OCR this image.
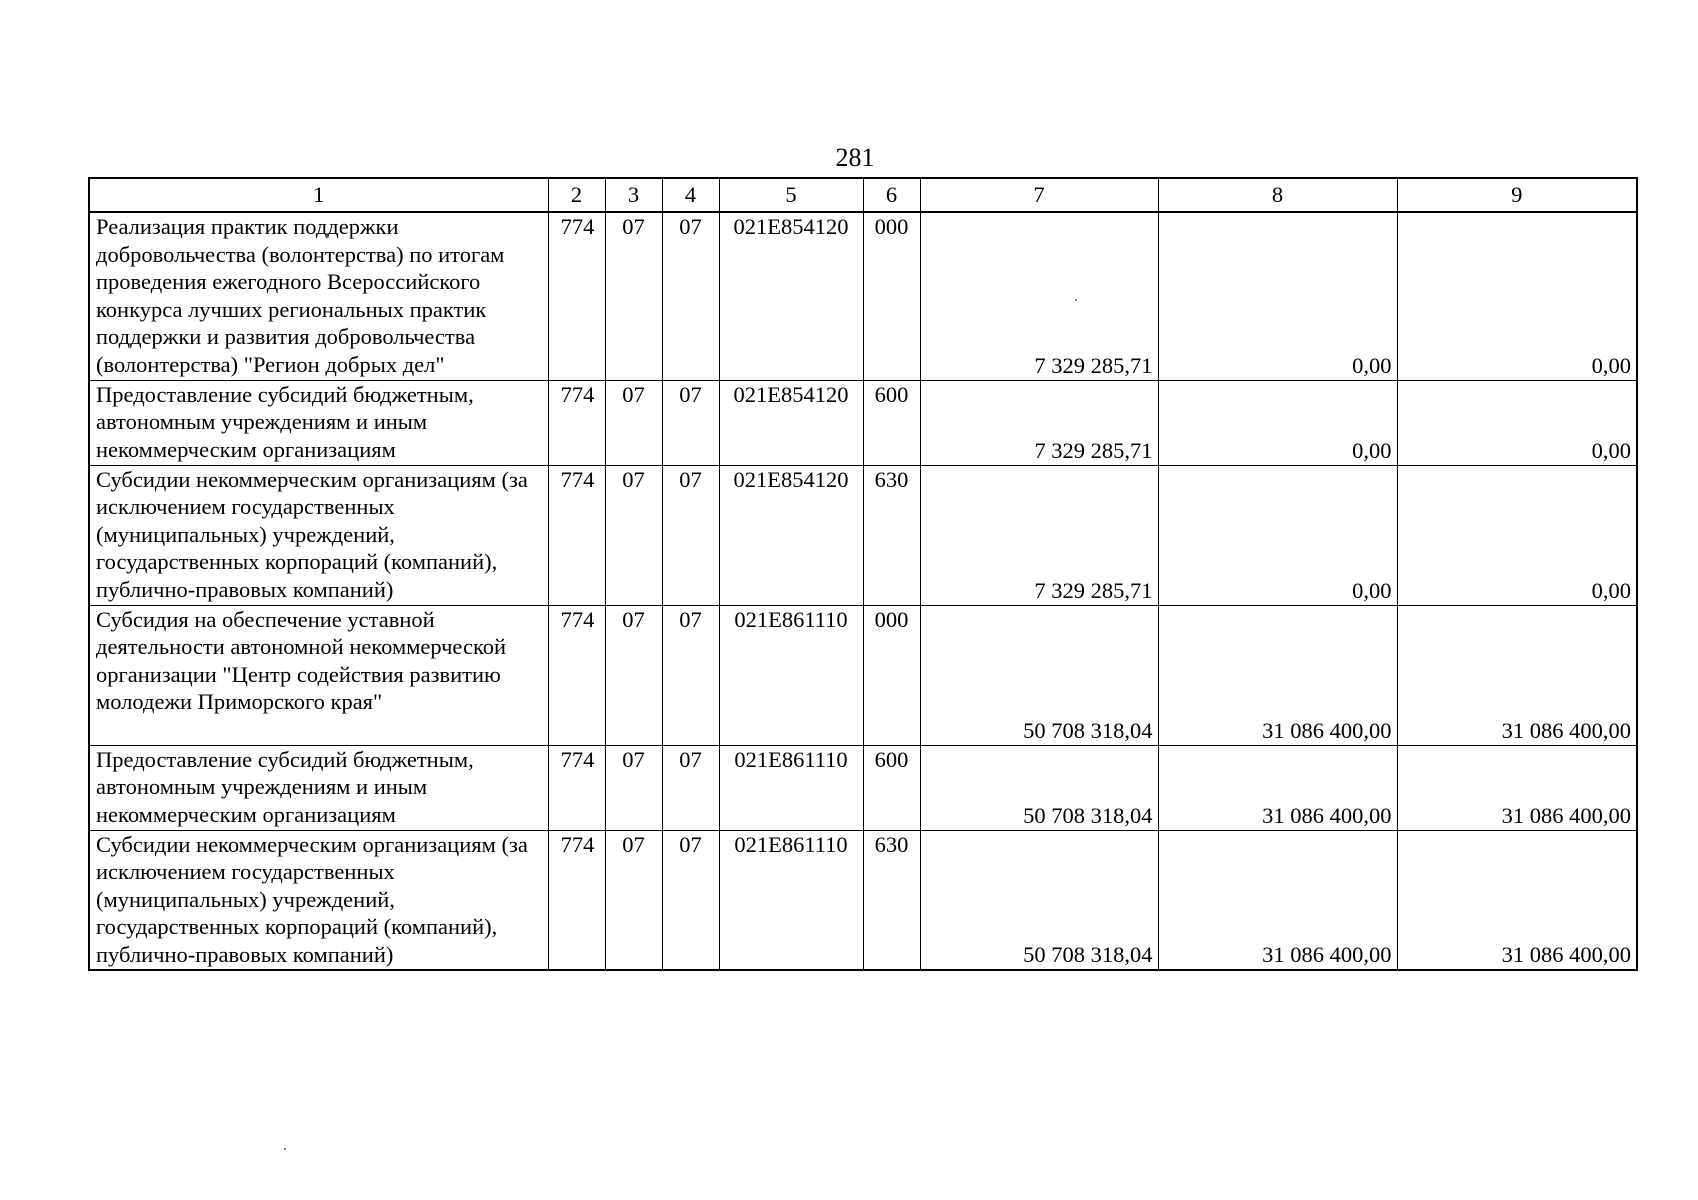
281
1	2	3	4	5	6	7	8	9
Реализация практик поддержки добровольчества (волонтерства) по итогам проведения ежегодного Всероссийского конкурса лучших региональных практик поддержки и развития добровольчества (волонтерства) "Регион добрых дел"	774	07	07	021E854120	000	7 329 285,71	0,00	0,00
Предоставление субсидий бюджетным, автономным учреждениям и иным некоммерческим организациям	774	07	07	021E854120	600	7 329 285,71	0,00	0,00
Субсидии некоммерческим организациям (за исключением государственных (муниципальных) учреждений, государственных корпораций (компаний), публично-правовых компаний)	774	07	07	021E854120	630	7 329 285,71	0,00	0,00
Субсидия на обеспечение уставной деятельности автономной некоммерческой организации "Центр содействия развитию молодежи Приморского края"	774	07	07	021E861110	000	50 708 318,04	31 086 400,00	31 086 400,00
Предоставление субсидий бюджетным, автономным учреждениям и иным некоммерческим организациям	774	07	07	021E861110	600	50 708 318,04	31 086 400,00	31 086 400,00
Субсидии некоммерческим организациям (за исключением государственных (муниципальных) учреждений, государственных корпораций (компаний), публично-правовых компаний)	774	07	07	021E861110	630	50 708 318,04	31 086 400,00	31 086 400,00
